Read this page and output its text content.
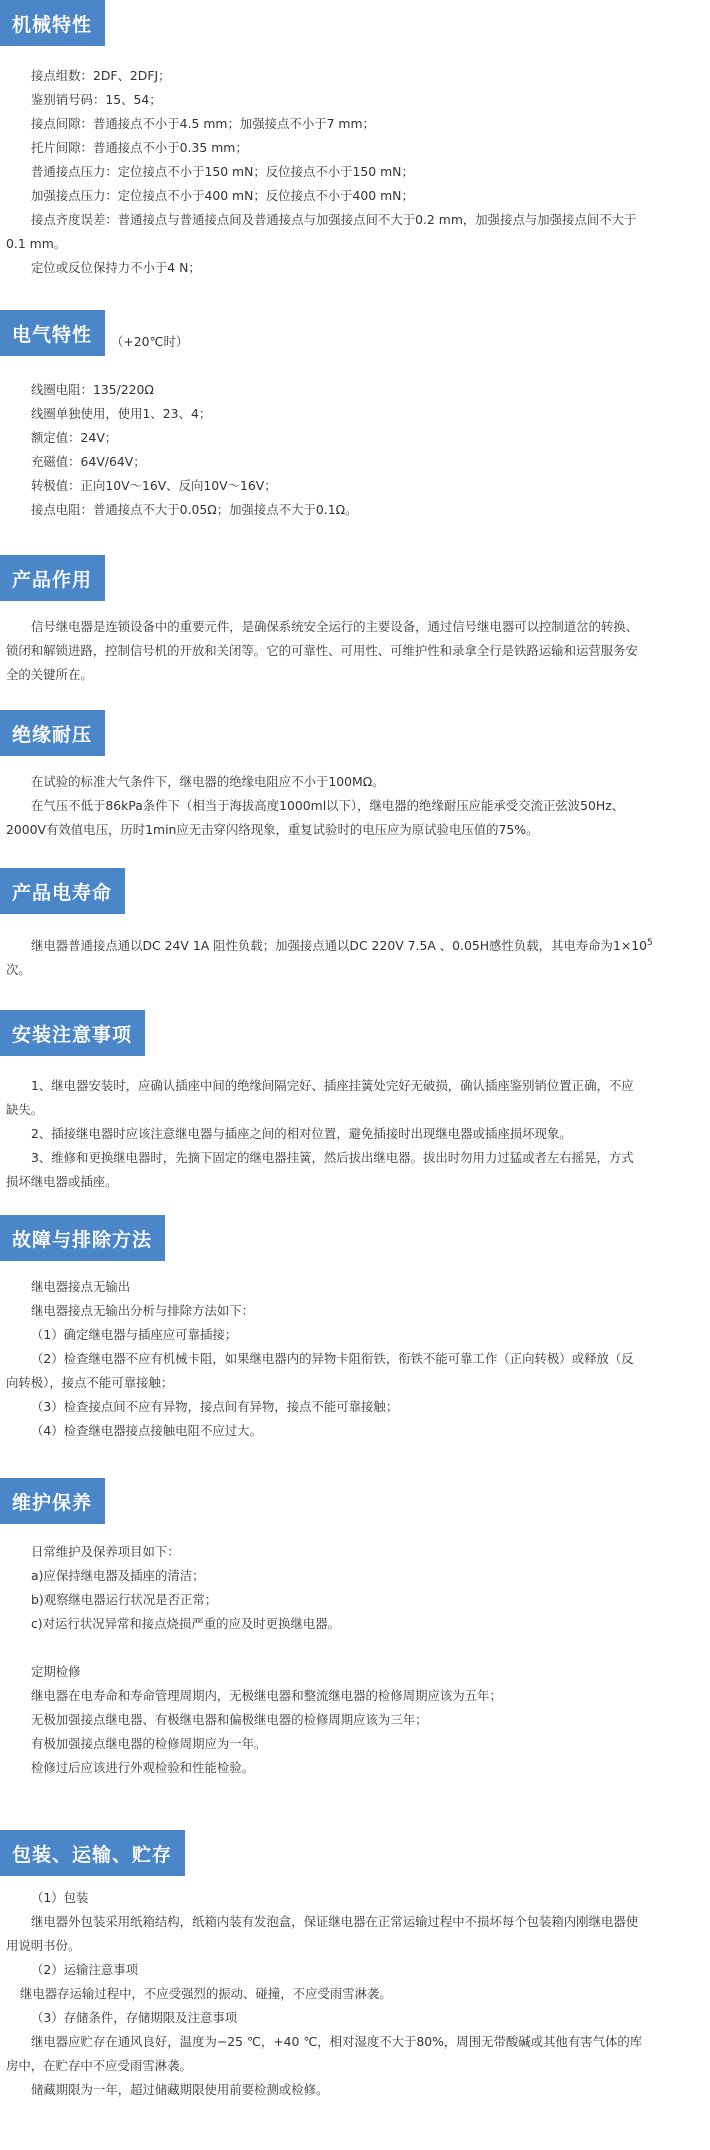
机械特性
接点组数：2DF、2DFJ；
鉴别销号码：15、54；
接点间隙：普通接点不小于4.5 mm；加强接点不小于7 mm；
托片间隙：普通接点不小于0.35 mm；
普通接点压力：定位接点不小于150 mN；反位接点不小于150 mN；
加强接点压力：定位接点不小于400 mN；反位接点不小于400 mN；
接点齐度误差：普通接点与普通接点间及普通接点与加强接点间不大于0.2 mm，加强接点与加强接点间不大于
0.1 mm。
定位或反位保持力不小于4 N；
电气特性	（+20℃时）
线圈电阻：135/220Ω
线圈单独使用，使用1、23、4；
额定值：24V；
充磁值：64V/64V；
转极值：正向10V～16V、反向10V～16V；
接点电阻：普通接点不大于0.05Ω；加强接点不大于0.1Ω。
产品作用
信号继电器是连锁设备中的重要元件，是确保系统安全运行的主要设备，通过信号继电器可以控制道岔的转换、
锁闭和解锁进路，控制信号机的开放和关闭等。它的可靠性、可用性、可维护性和录拿全行是铁路运输和运营服务安
全的关键所在。
绝缘耐压
在试验的标准大气条件下，继电器的绝缘电阻应不小于100MΩ。
在气压不低于86kPa条件下（相当于海拔高度1000ml以下），继电器的绝缘耐压应能承受交流正弦波50Hz、
2000V有效值电压，历时1min应无击穿闪络现象，重复试验时的电压应为原试验电压值的75%。
产品电寿命
继电器普通接点通以DC 24V 1A 阻性负载；加强接点通以DC 220V 7.5A 、0.05H感性负载，其电寿命为$1\times 10^5$
次。
安装注意事项
1、继电器安装时，应确认插座中间的绝缘间隔完好、插座挂簧处完好无破损，确认插座鉴别销位置正确，不应
缺失。
2、插接继电器时应该注意继电器与插座之间的相对位置，避免插接时出现继电器或插座损坏现象。
3、维修和更换继电器时，先摘下固定的继电器挂簧，然后拔出继电器。拔出时勿用力过猛或者左右摇晃，方式
损坏继电器或插座。
故障与排除方法
继电器接点无输出
继电器接点无输出分析与排除方法如下：
（1）确定继电器与插座应可靠插接；
（2）检查继电器不应有机械卡阻，如果继电器内的异物卡阻衔铁，衔铁不能可靠工作（正向转极）或释放（反
向转极），接点不能可靠接触；
（3）检查接点间不应有异物，接点间有异物，接点不能可靠接触；
（4）检查继电器接点接触电阻不应过大。
维护保养
日常维护及保养项目如下：
a)应保持继电器及插座的清洁；
b)观察继电器运行状况是否正常；
c)对运行状况异常和接点烧损严重的应及时更换继电器。
定期检修
继电器在电寿命和寿命管理周期内，无极继电器和整流继电器的检修周期应该为五年；
无极加强接点继电器、有极继电器和偏极继电器的检修周期应该为三年；
有极加强接点继电器的检修周期应为一年。
检修过后应该进行外观检验和性能检验。
包装、运输、贮存
（1）包装
继电器外包装采用纸箱结构，纸箱内装有发泡盒，保证继电器在正常运输过程中不损坏每个包装箱内刚继电器使
用说明书份。
（2）运输注意事项
继电器存运输过程中，不应受强烈的振动、碰撞，不应受雨雪淋袭。
（3）存储条件，存储期限及注意事项
继电器应贮存在通风良好，温度为−25 ℃，+40 ℃，相对湿度不大于80%，周围无带酸碱或其他有害气体的库
房中，在贮存中不应受雨雪淋袭。
储藏期限为一年，超过储藏期限使用前要检测或检修。
